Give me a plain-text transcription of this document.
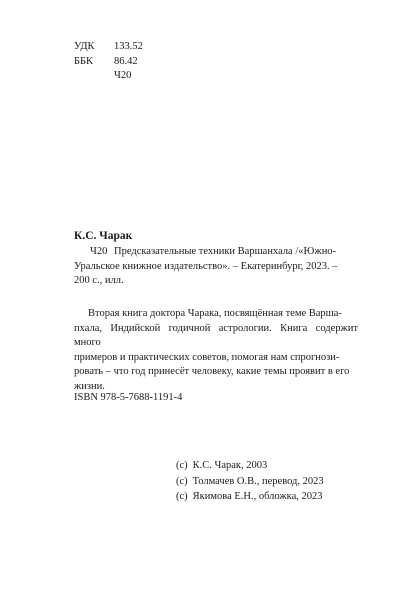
УДК 133.52
ББК 86.42
Ч20
К.С. Чарак
Ч20 Предсказательные техники Варшанхала /«Южно-
Уральское книжное издательство». – Екатеринбург, 2023. –
200 с., илл.
Вторая книга доктора Чарака, посвящённая теме Варша-
пхала, Индийской годичной астрологии. Книга содержит много
примеров и практических советов, помогая нам спрогнози-
ровать – что год принесёт человеку, какие темы проявит в его
жизни.
ISBN 978-5-7688-1191-4
(с) К.С. Чарак, 2003
(с) Толмачев О.В., перевод, 2023
(с) Якимова Е.Н., обложка, 2023
